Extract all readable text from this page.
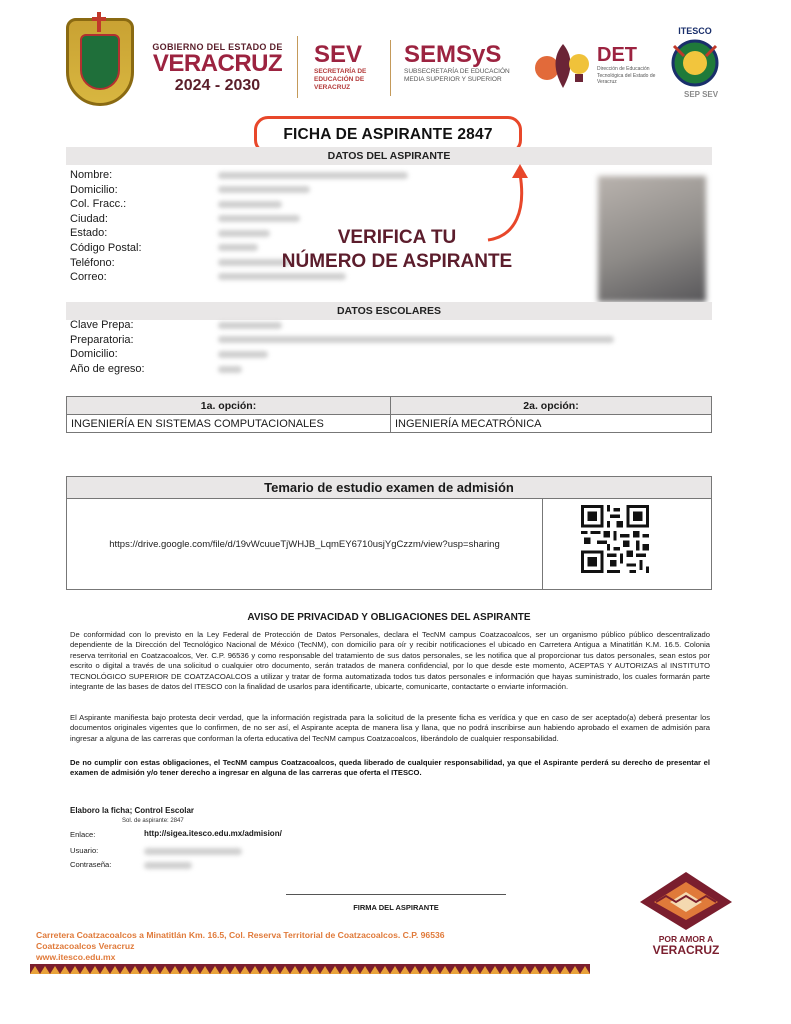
GOBIERNO DEL ESTADO DE
VERACRUZ
2024 - 2030
SEV
SECRETARÍA DE EDUCACIÓN DE VERACRUZ
SEMSyS
SUBSECRETARÍA DE EDUCACIÓN MEDIA SUPERIOR Y SUPERIOR
DET
Dirección de Educación Tecnológica del Estado de Veracruz
ITESCO
SEP SEV
FICHA DE ASPIRANTE 2847
DATOS DEL ASPIRANTE
Nombre:
Domicilio:
Col. Fracc.:
Ciudad:
Estado:
Código Postal:
Teléfono:
Correo:
VERIFICA TU
NÚMERO DE ASPIRANTE
DATOS ESCOLARES
Clave Prepa:
Preparatoria:
Domicilio:
Año de egreso:
1a. opción:	2a. opción:
INGENIERÍA EN SISTEMAS COMPUTACIONALES	INGENIERÍA MECATRÓNICA
Temario de estudio examen de admisión
https://drive.google.com/file/d/19vWcuueTjWHJB_LqmEY6710usjYgCzzm/view?usp=sharing
AVISO DE PRIVACIDAD Y OBLIGACIONES DEL ASPIRANTE
De conformidad con lo previsto en la Ley Federal de Protección de Datos Personales, declara el TecNM campus Coatzacoalcos, ser un organismo público público descentralizado dependiente de la Dirección del Tecnológico Nacional de México (TecNM), con domicilio para oír y recibir notificaciones el ubicado en Carretera Antigua a Minatitlán K.M. 16.5. Colonia reserva territorial en Coatzacoalcos, Ver. C.P. 96536 y como responsable del tratamiento de sus datos personales, se les notifica que al proporcionar tus datos personales, sean estos por escrito o digital a través de una solicitud o cualquier otro documento, serán tratados de manera confidencial, por lo que desde este momento, ACEPTAS Y AUTORIZAS al INSTITUTO TECNOLÓGICO SUPERIOR DE COATZACOALCOS a utilizar y tratar de forma automatizada todos tus datos personales e información que hayas suministrado, los cuales formarán parte integrante de las bases de datos del ITESCO con la finalidad de usarlos para identificarte, ubicarte, comunicarte, contactarte o enviarte información.
El Aspirante manifiesta bajo protesta decir verdad, que la información registrada para la solicitud de la presente ficha es verídica y que en caso de ser aceptado(a) deberá presentar los documentos originales vigentes que lo confirmen, de no ser así, el Aspirante acepta de manera lisa y llana, que no podrá inscribirse aun habiendo aprobado el examen de admisión para ingresar a alguna de las carreras que conforman la oferta educativa del TecNM campus Coatzacoalcos, liberándolo de cualquier responsabilidad.
De no cumplir con estas obligaciones, el TecNM campus Coatzacoalcos, queda liberado de cualquier responsabilidad, ya que el Aspirante perderá su derecho de presentar el examen de admisión y/o tener derecho a ingresar en alguna de las carreras que oferta el ITESCO.
Elaboro la ficha; Control Escolar
Sol. de aspirante: 2847
Enlace:	http://sigea.itesco.edu.mx/admision/
Usuario:
Contraseña:
FIRMA DEL ASPIRANTE
Carretera Coatzacoalcos a Minatitlán Km. 16.5, Col. Reserva Territorial de Coatzacoalcos. C.P. 96536
Coatzacoalcos Veracruz
www.itesco.edu.mx
POR AMOR A
VERACRUZ
